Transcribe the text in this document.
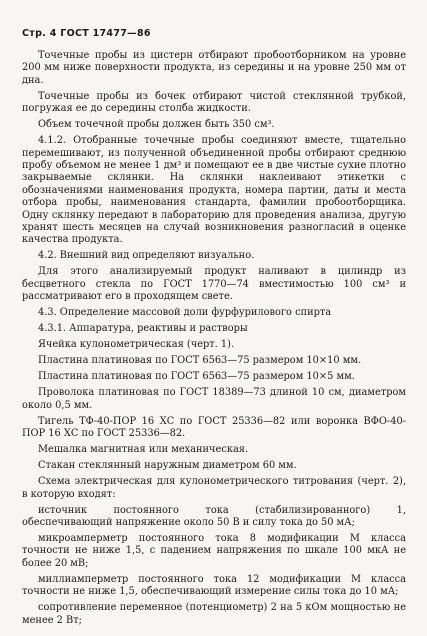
Стр. 4 ГОСТ 17477—86

Точечные пробы из цистерн отбирают пробоотборником на уровне 200 мм ниже поверхности продукта, из середины и на уровне 250 мм от дна.

Точечные пробы из бочек отбирают чистой стеклянной трубкой, погружая ее до середины столба жидкости.

Объем точечной пробы должен быть 350 см³.

4.1.2. Отобранные точечные пробы соединяют вместе, тщательно перемешивают, из полученной объединенной пробы отбирают среднюю пробу объемом не менее 1 дм³ и помещают ее в две чистые сухие плотно закрываемые склянки. На склянки наклеивают этикетки с обозначениями наименования продукта, номера партии, даты и места отбора пробы, наименования стандарта, фамилии пробоотборщика. Одну склянку передают в лабораторию для проведения анализа, другую хранят шесть месяцев на случай возникновения разногласий в оценке качества продукта.

4.2. Внешний вид определяют визуально.

Для этого анализируемый продукт наливают в цилиндр из бесцветного стекла по ГОСТ 1770—74 вместимостью 100 см³ и рассматривают его в проходящем свете.

4.3. Определение массовой доли фурфурилового спирта

4.3.1. Аппаратура, реактивы и растворы

Ячейка кулонометрическая (черт. 1).

Пластина платиновая по ГОСТ 6563—75 размером 10×10 мм.

Пластина платиновая по ГОСТ 6563—75 размером 10×5 мм.

Проволока платиновая по ГОСТ 18389—73 длиной 10 см, диаметром около 0,5 мм.

Тигель ТФ-40-ПОР 16 ХС по ГОСТ 25336—82 или воронка ВФО-40-ПОР 16 ХС по ГОСТ 25336—82.

Мешалка магнитная или механическая.

Стакан стеклянный наружным диаметром 60 мм.

Схема электрическая для кулонометрического титрования (черт. 2), в которую входят:

источник постоянного тока (стабилизированного) 1, обеспечивающий напряжение около 50 В и силу тока до 50 мА;

микроамперметр постоянного тока 8 модификации М класса точности не ниже 1,5, с падением напряжения по шкале 100 мкА не более 20 мВ;

миллиамперметр постоянного тока 12 модификации М класса точности не ниже 1,5, обеспечивающий измерение силы тока до 10 мА;

сопротивление переменное (потенциометр) 2 на 5 кОм мощностью не менее 2 Вт;
